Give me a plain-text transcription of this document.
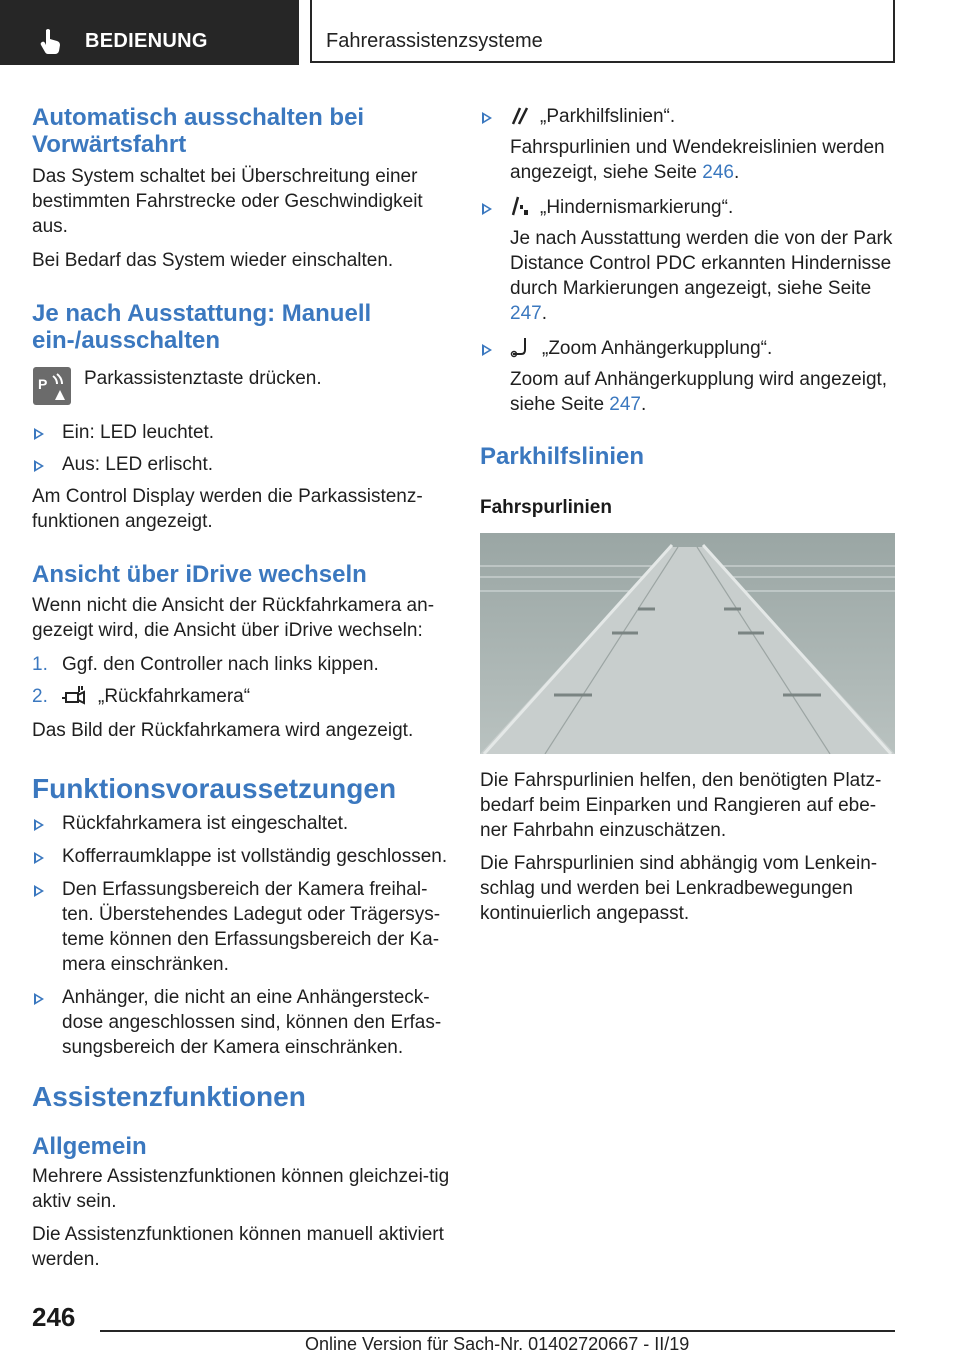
BEDIENUNG	Fahrerassistenzsysteme
Automatisch ausschalten bei Vorwärtsfahrt

Das System schaltet bei Überschreitung einer bestimmten Fahrstrecke oder Geschwindigkeit aus.

Bei Bedarf das System wieder einschalten.

Je nach Ausstattung: Manuell ein-/ausschalten
P Parkassistenztaste drücken.

Ein: LED leuchtet.
Aus: LED erlischt.

Am Control Display werden die Parkassistenz-funktionen angezeigt.

Ansicht über iDrive wechseln

Wenn nicht die Ansicht der Rückfahrkamera an-gezeigt wird, die Ansicht über iDrive wechseln:

1. Ggf. den Controller nach links kippen.
2.	„Rückfahrkamera“

Das Bild der Rückfahrkamera wird angezeigt.

Funktionsvoraussetzungen
Rückfahrkamera ist eingeschaltet.
Kofferraumklappe ist vollständig geschlossen.
Den Erfassungsbereich der Kamera freihal-ten. Überstehendes Ladegut oder Trägersys-teme können den Erfassungsbereich der Ka-mera einschränken.
Anhänger, die nicht an eine Anhängersteck-dose angeschlossen sind, können den Erfas-sungsbereich der Kamera einschränken.
Assistenzfunktionen
Allgemein

Mehrere Assistenzfunktionen können gleichzei-tig aktiv sein.

Die Assistenzfunktionen können manuell aktiviert werden.

„Parkhilfslinien“.

Fahrspurlinien und Wendekreislinien werden angezeigt, siehe Seite 246.

„Hindernismarkierung“.

Je nach Ausstattung werden die von der Park Distance Control PDC erkannten Hindernisse durch Markierungen angezeigt, siehe Seite 247.

„Zoom Anhängerkupplung“.

Zoom auf Anhängerkupplung wird angezeigt, siehe Seite 247.

Parkhilfslinien
Fahrspurlinien

Die Fahrspurlinien helfen, den benötigten Platz-bedarf beim Einparken und Rangieren auf ebe-ner Fahrbahn einzuschätzen.

Die Fahrspurlinien sind abhängig vom Lenkein-schlag und werden bei Lenkradbewegungen kontinuierlich angepasst.

246
Online Version für Sach-Nr. 01402720667 - II/19
